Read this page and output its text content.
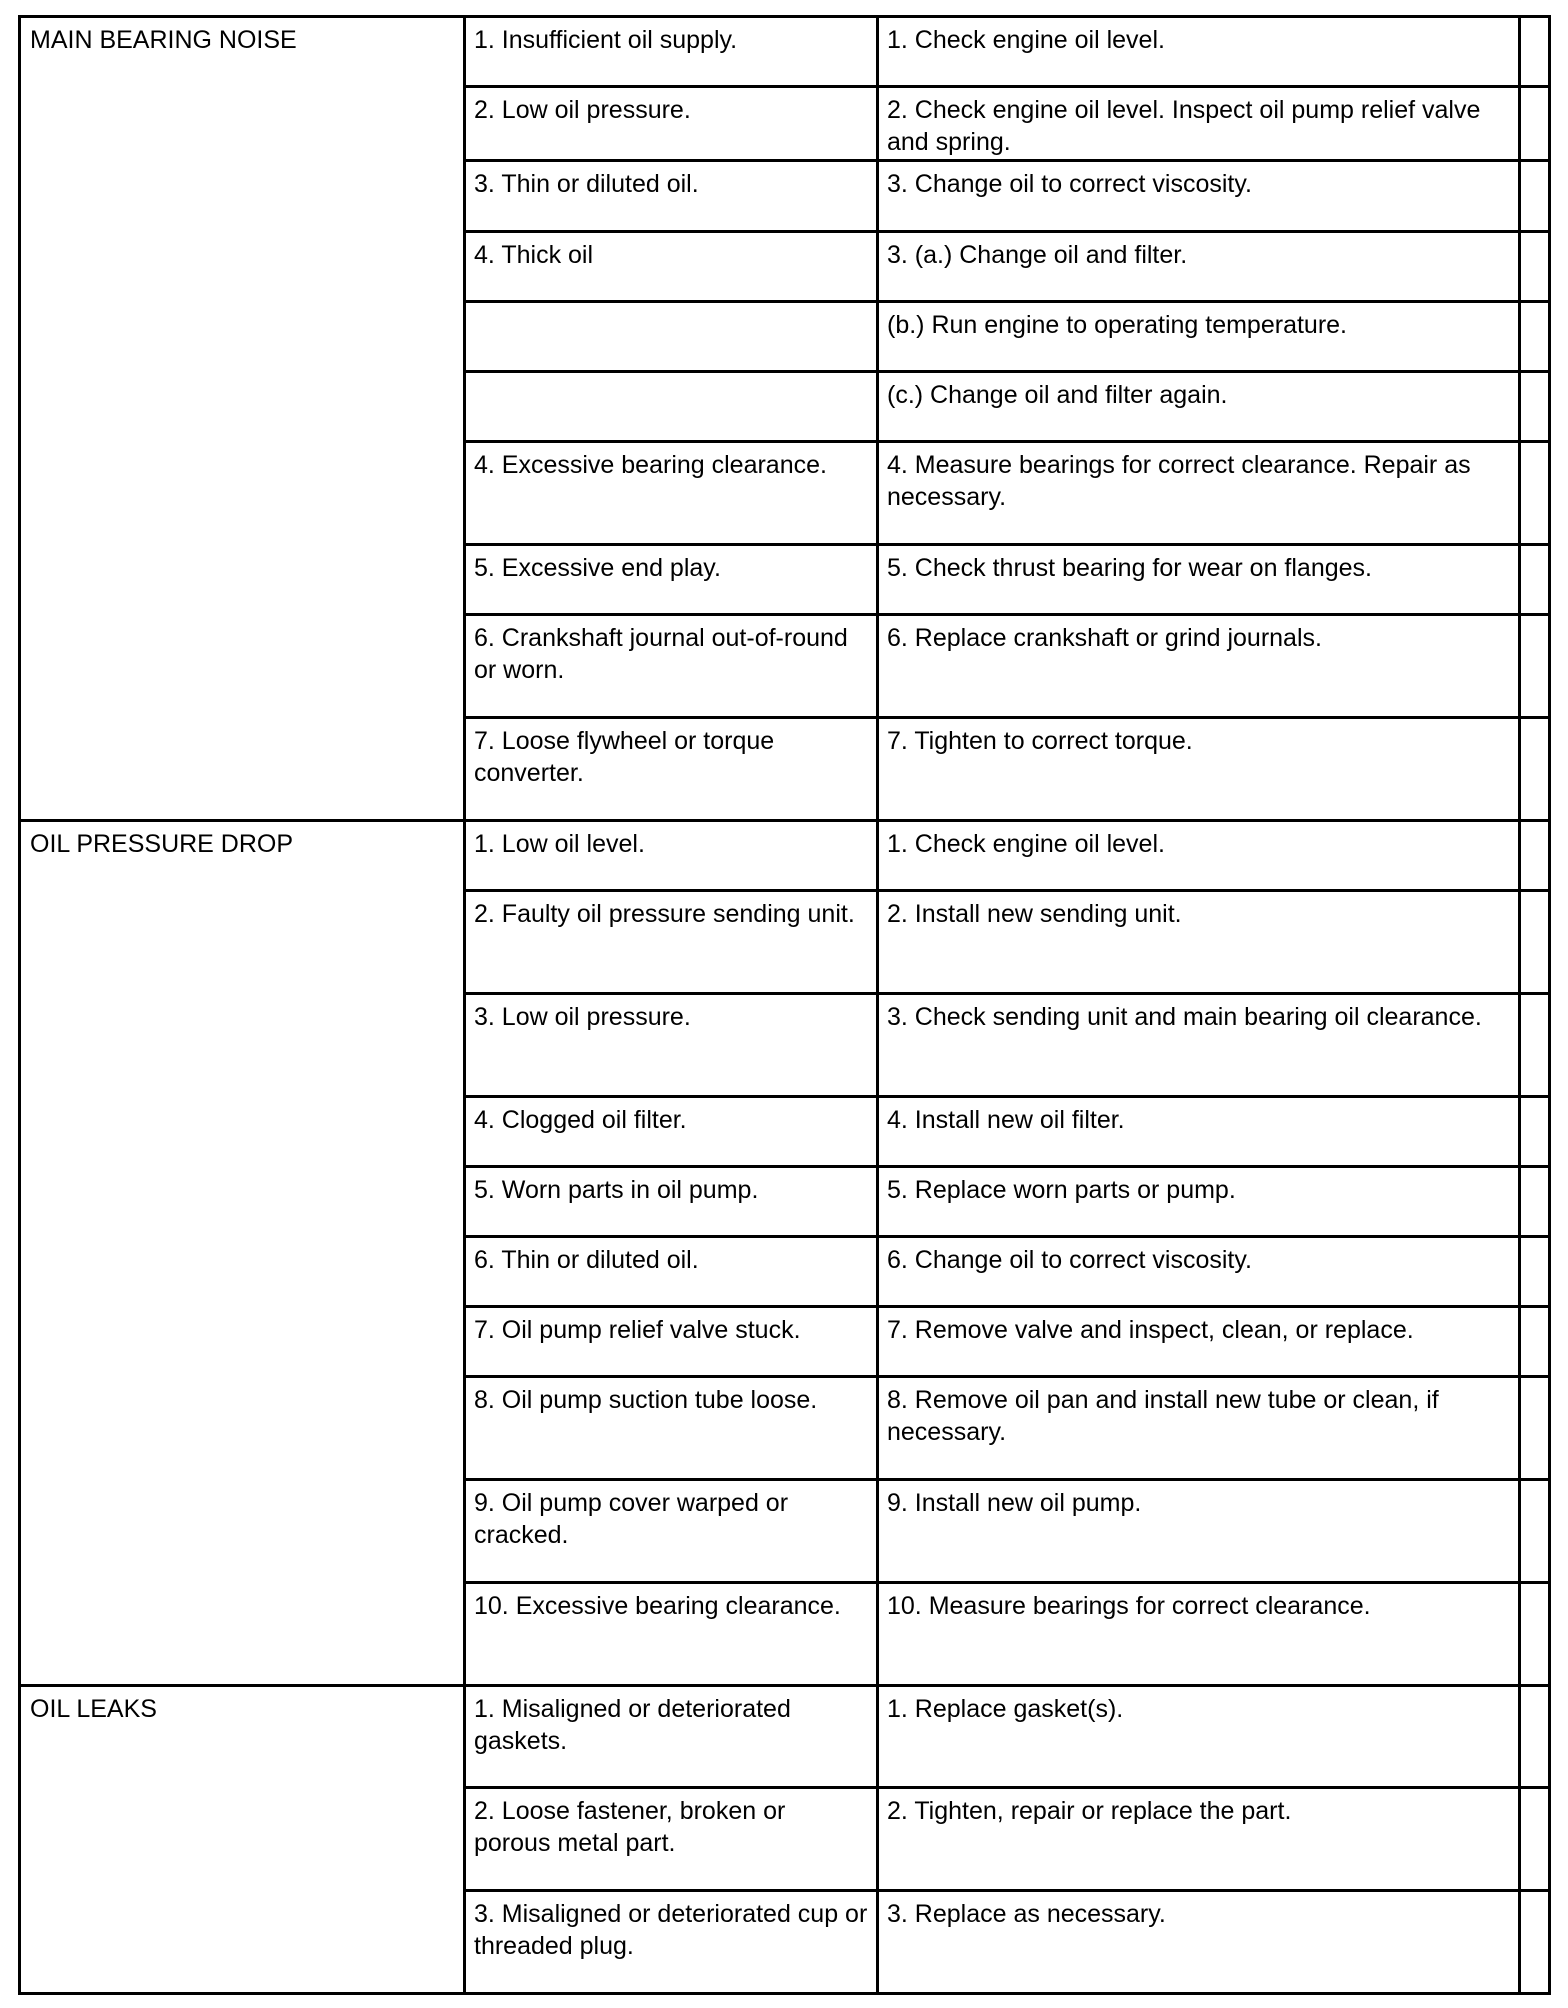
MAIN BEARING NOISE	1. Insufficient oil supply.	1. Check engine oil level.	
	2. Low oil pressure.	2. Check engine oil level. Inspect oil pump relief valve and spring.	
	3. Thin or diluted oil.	3. Change oil to correct viscosity.	
	4. Thick oil	3. (a.) Change oil and filter.	
		(b.) Run engine to operating temperature.	
		(c.) Change oil and filter again.	
	4. Excessive bearing clearance.	4. Measure bearings for correct clearance. Repair as necessary.	
	5. Excessive end play.	5. Check thrust bearing for wear on flanges.	
	6. Crankshaft journal out-of-round or worn.	6. Replace crankshaft or grind journals.	
	7. Loose flywheel or torque converter.	7. Tighten to correct torque.	
OIL PRESSURE DROP	1. Low oil level.	1. Check engine oil level.	
	2. Faulty oil pressure sending unit.	2. Install new sending unit.	
	3. Low oil pressure.	3. Check sending unit and main bearing oil clearance.	
	4. Clogged oil filter.	4. Install new oil filter.	
	5. Worn parts in oil pump.	5. Replace worn parts or pump.	
	6. Thin or diluted oil.	6. Change oil to correct viscosity.	
	7. Oil pump relief valve stuck.	7. Remove valve and inspect, clean, or replace.	
	8. Oil pump suction tube loose.	8. Remove oil pan and install new tube or clean, if necessary.	
	9. Oil pump cover warped or cracked.	9. Install new oil pump.	
	10. Excessive bearing clearance.	10. Measure bearings for correct clearance.	
OIL LEAKS	1. Misaligned or deteriorated gaskets.	1. Replace gasket(s).	
	2. Loose fastener, broken or porous metal part.	2. Tighten, repair or replace the part.	
	3. Misaligned or deteriorated cup or threaded plug.	3. Replace as necessary.	
